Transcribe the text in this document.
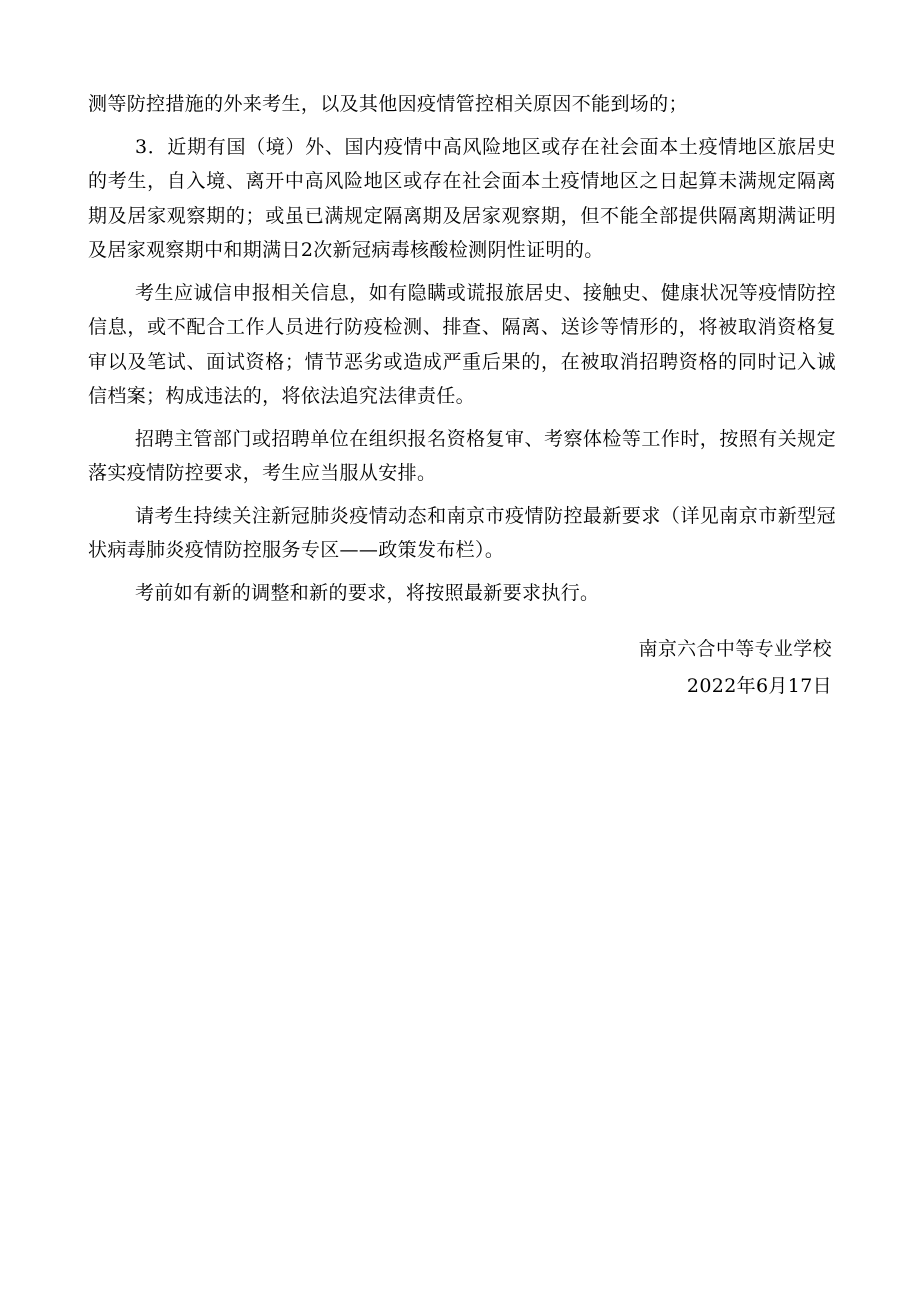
测等防控措施的外来考生，以及其他因疫情管控相关原因不能到场的；

3．近期有国（境）外、国内疫情中高风险地区或存在社会面本土疫情地区旅居史的考生，自入境、离开中高风险地区或存在社会面本土疫情地区之日起算未满规定隔离期及居家观察期的；或虽已满规定隔离期及居家观察期，但不能全部提供隔离期满证明及居家观察期中和期满日2次新冠病毒核酸检测阴性证明的。

考生应诚信申报相关信息，如有隐瞒或谎报旅居史、接触史、健康状况等疫情防控信息，或不配合工作人员进行防疫检测、排查、隔离、送诊等情形的，将被取消资格复审以及笔试、面试资格；情节恶劣或造成严重后果的，在被取消招聘资格的同时记入诚信档案；构成违法的，将依法追究法律责任。

招聘主管部门或招聘单位在组织报名资格复审、考察体检等工作时，按照有关规定落实疫情防控要求，考生应当服从安排。

请考生持续关注新冠肺炎疫情动态和南京市疫情防控最新要求（详见南京市新型冠状病毒肺炎疫情防控服务专区——政策发布栏）。

考前如有新的调整和新的要求，将按照最新要求执行。

南京六合中等专业学校
2022年6月17日
